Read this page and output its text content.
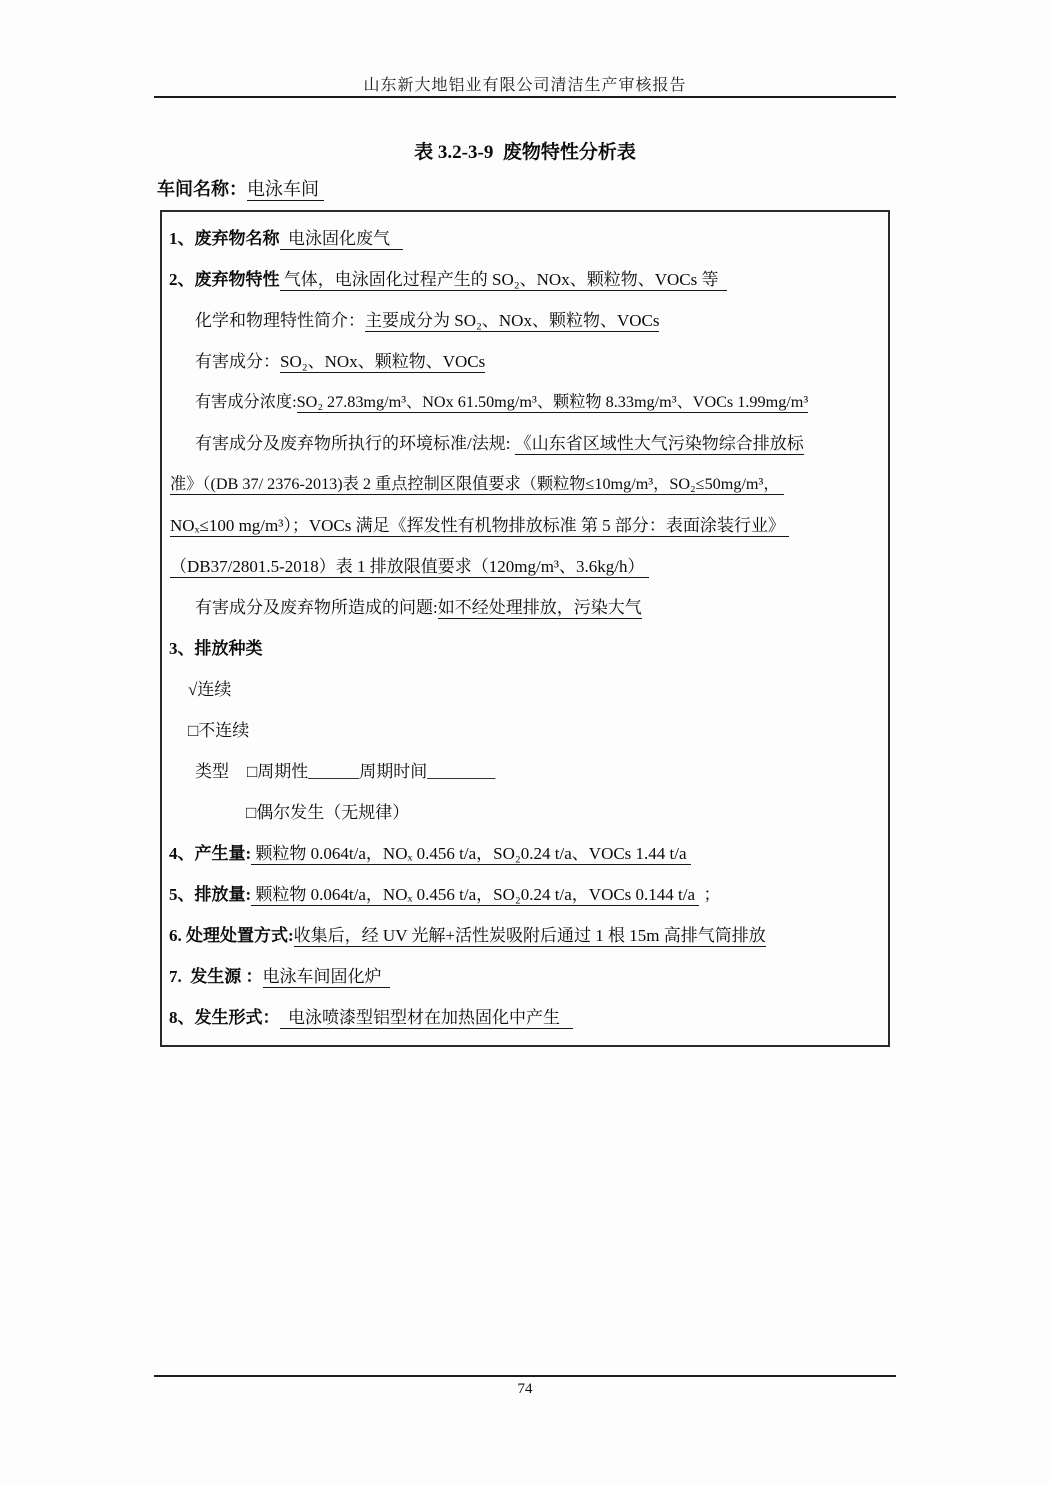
山东新大地铝业有限公司清洁生产审核报告
表 3.2-3-9  废物特性分析表
车间名称：电泳车间
1、废弃物名称  电泳固化废气
2、废弃物特性 气体，电泳固化过程产生的 SO₂、NOx、颗粒物、VOCs 等
化学和物理特性简介：主要成分为 SO₂、NOx、颗粒物、VOCs
有害成分：SO₂、NOx、颗粒物、VOCs
有害成分浓度:SO₂ 27.83mg/m³、NOx 61.50mg/m³、颗粒物 8.33mg/m³、VOCs 1.99mg/m³
有害成分及废弃物所执行的环境标准/法规: 《山东省区域性大气污染物综合排放标
准》（(DB 37/ 2376-2013)表 2 重点控制区限值要求（颗粒物≤10mg/m³，SO₂≤50mg/m³，
NOₓ≤100 mg/m³）；VOCs 满足《挥发性有机物排放标准 第 5 部分：表面涂装行业》
（DB37/2801.5-2018）表 1 排放限值要求（120mg/m³、3.6kg/h）
有害成分及废弃物所造成的问题:如不经处理排放，污染大气
3、排放种类
√连续
□不连续
类型 □周期性______周期时间________
□偶尔发生（无规律）
4、产生量: 颗粒物 0.064t/a，NOₓ 0.456 t/a，SO₂0.24 t/a、VOCs 1.44 t/a
5、排放量: 颗粒物 0.064t/a，NOₓ 0.456 t/a，SO₂0.24 t/a，VOCs 0.144 t/a  ；
6. 处理处置方式:收集后，经 UV 光解+活性炭吸附后通过 1 根 15m 高排气筒排放
7.  发生源 ：电泳车间固化炉
8、发生形式：  电泳喷漆型铝型材在加热固化中产生
74
